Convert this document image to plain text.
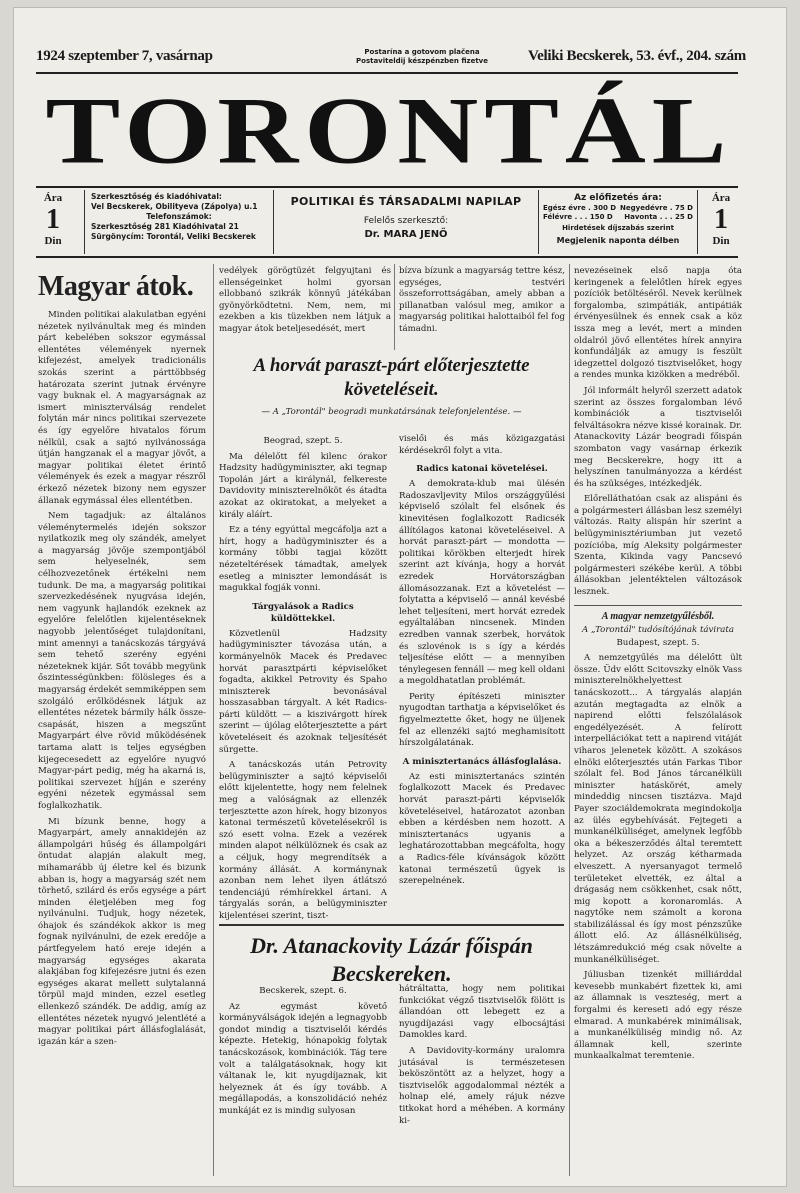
1924 szeptember 7, vasárnap	Postarína a gotovom plačena
Postaviteldij készpénzben fizetve	Veliki Becskerek, 53. évf., 204. szám
TORONTÁL
Ára
1
Din
Szerkesztőség és kiadóhivatal:
Vel Becskerek, Obilityeva (Zápolya) u.1
Telefonszámok:
Szerkesztőség 281 Kiadóhivatal 21
Sürgönycím: Torontál, Veliki Becskerek
POLITIKAI ÉS TÁRSADALMI NAPILAP
Felelős szerkesztő:
Dr. MARA JENŐ
Az előfizetés ára:
Egész évre . 300 D Negyedévre . 75 D
Félévre . . . 150 D Havonta . . . 25 D
Hirdetések díjszabás szerint
Megjelenik naponta délben
Ára
1
Din
Magyar átok.

Minden politikai alakulatban egyéni nézetek nyilvánultak meg és minden párt kebelében sokszor egymással ellentétes vélemények nyernek kifejezést, amelyek tradicionális szokás szerint a párttöbbség határozata szerint jutnak érvényre vagy buknak el. A magyarságnak az ismert miniszterválság rendelet folytán már nincs politikai szervezete és így egyelőre hivatalos fórum nélkül, csak a sajtó nyilvánossága útján hangzanak el a magyar jövőt, a magyar politikai életet érintő vélemények és ezek a magyar részről érkező nézetek bizony nem egyszer állanak egymással éles ellentétben.

Nem tagadjuk: az általános véleménytermelés idején sokszor nyilatkozik meg oly szándék, amelyet a magyarság jövője szempontjából sem helyeselnék, sem célhozvezetőnek értékelni nem tudunk. De ma, a magyarság politikai szervezkedésének nyugvása idején, nem vagyunk hajlandók ezeknek az egyelőre felelőtlen kijelentéseknek nagyobb jelentőséget tulajdonítani, mint amennyi a tanácskozás tárgyává sem tehető szerény egyéni nézeteknek kijár. Sőt tovább megyünk őszintességünkben: fölösleges és a magyarság érdekét semmiképpen sem szolgáló erőlködésnek látjuk az ellentétes nézetek bármily hálk össze-csapását, hiszen a megszűnt Magyarpárt élve rövid működésének tartama alatt is teljes egységben kijegecesedett az egyelőre nyugvó Magyar-párt pedig, még ha akarná is, politikai szervezet híjján e szerény egyéni nézetek egymással sem foglalkozhatik.

Mi bízunk benne, hogy a Magyarpárt, amely annakidején az állampolgári hűség és állampolgári öntudat alapján alakult meg, mihamarább új életre kel és bizunk abban is, hogy a magyarság szét nem törhető, szilárd és erős egysége a párt minden életjelében meg fog nyilvánulni. Tudjuk, hogy nézetek, óhajok és szándékok akkor is meg fognak nyilvánulni, de ezek eredője a pártfegyelem ható ereje idején a magyarság egységes akarata alakjában fog kifejezésre jutni és ezen egységes akarat mellett sulytalanná törpül majd minden, ezzel esetleg ellenkező szándék. De addig, amíg az ellentétes nézetek nyugvó jelentlété a magyar politikai párt állásfoglalását, igazán kár a szen-

vedélyek görögtüzét felgyujtani és ellenségeinket holmi gyorsan ellobbanó szikrák könnyű játékában gyönyörködtetni. Nem, nem, mi ezekben a kis tüzekben nem látjuk a magyar átok beteljesedését, mert

bízva bízunk a magyarság tettre kész, egységes, testvéri összeforrottságában, amely abban a pillanatban valósul meg, amikor a magyarság politikai halottaiból fel fog támadni.

A horvát paraszt-párt előterjesztette követeléseit.
— A „Torontál" beogradi munkatársának telefonjelentése. —
Beograd, szept. 5.

Ma délelőtt fél kilenc órakor Hadzsity hadügyminiszter, aki tegnap Topolán járt a királynál, felkereste Davidovity miniszterelnököt és átadta azokat az okiratokat, a melyeket a király aláírt.

Ez a tény egyúttal megcáfolja azt a hírt, hogy a hadügyminiszter és a kormány többi tagjai között nézeteltérések támadtak, amelyek esetleg a miniszter lemondását is magukkal fogják vonni.

Tárgyalások a Radics küldöttekkel.

Közvetlenül Hadzsity hadügyminiszter távozása után, a kormányelnök Macek és Predavec horvát parasztpárti képviselőket fogadta, akikkel Petrovity és Spaho miniszterek bevonásával hosszasabban tárgyalt. A két Radics-párti küldött — a kiszivárgott hírek szerint — újólag előterjesztette a párt követeléseit és azoknak teljesítését sürgette.

A tanácskozás után Petrovity belügyminiszter a sajtó képviselői előtt kijelentette, hogy nem felelnek meg a valóságnak az ellenzék terjesztette azon hírek, hogy bizonyos katonai természetű követelésekről is szó esett volna. Ezek a vezérek minden alapot nélkülöznek és csak az a céljuk, hogy megrendítsék a kormány állását. A kormánynak azonban nem lehet ilyen átlátszó tendenciájú rémhírekkel ártani. A tárgyalás során, a belügyminiszter kijelentései szerint, tiszt-

viselői és más közigazgatási kérdésekről folyt a vita.

Radics katonai követelései.

A demokrata-klub mai ülésén Radoszavljevity Milos országgyűlési képviselő szólalt fel elsőnek és kinevitésen foglalkozott Radicsék állítólagos katonai követeléseivel. A horvát paraszt-párt — mondotta — politikai körökben elterjedt hírek szerint azt kívánja, hogy a horvát ezredek Horvátországban állomásozzanak. Ezt a követelést — folytatta a képviselő — annál kevésbé lehet teljesíteni, mert horvát ezredek egyáltalában nincsenek. Minden ezredben vannak szerbek, horvátok és szlovénok is s így a kérdés teljesítése előtt — a mennyiben ténylegesen fennáll — meg kell oldani a megoldhatatlan problémát.

Perity építészeti miniszter nyugodtan tarthatja a képviselőket és figyelmeztette őket, hogy ne üljenek fel az ellenzéki sajtó meghamisított hírszolgálatának.

A minisztertanács állásfoglalása.

Az esti minisztertanács szintén foglalkozott Macek és Predavec horvát paraszt-párti képviselők követeléseivel, határozatot azonban ebben a kérdésben nem hozott. A minisztertanács ugyanis a leghatározottabban megcáfolta, hogy a Radics-féle kívánságok között katonai természetű ügyek is szerepelnének.

Dr. Atanackovity Lázár főispán Becskereken.
Becskerek, szept. 6.

Az egymást követő kormányválságok idején a legnagyobb gondot mindig a tisztviselői kérdés képezte. Hetekig, hónapokig folytak tanácskozások, kombinációk. Tág tere volt a találgatásoknak, hogy kit váltanak le, kit nyugdíjaznak, kit helyeznek át és így tovább. A megállapodás, a konszolidáció nehéz munkáját ez is mindig sulyosan

hátráltatta, hogy nem politikai funkciókat végző tisztviselők fölött is állandóan ott lebegett ez a nyugdíjazási vagy elbocsájtási Damokles kard.

A Davidovity-kormány uralomra jutásával is természetesen beköszöntött az a helyzet, hogy a tisztviselők aggodalommal nézték a holnap elé, amely rájuk nézve titkokat hord a méhében. A kormány ki-

nevezéseinek első napja óta keringenek a felelőtlen hírek egyes pozíciók betöltéséről. Nevek kerülnek forgalomba, szimpátiák, antipátiák érvényesülnek és ennek csak a köz issza meg a levét, mert a minden oldalról jövő ellentétes hírek annyira konfundálják az amugy is feszült idegzettel dolgozó tisztviselőket, hogy a rendes munka kizökken a medréből.

Jól informált helyről szerzett adatok szerint az összes forgalomban lévő kombinációk a tisztviselői felváltásokra nézve kissé korainak. Dr. Atanackovity Lázár beogradi főispán szombaton vagy vasárnap érkezik meg Becskerekre, hogy itt a helyszínen tanulmányozza a kérdést és ha szükséges, intézkedjék.

Előrelláthatóan csak az alispáni és a polgármesteri állásban lesz személyi változás. Raity alispán hír szerint a belügyminisztériumban jut vezető pozícióba, míg Aleksity polgármester Szenta, Kikinda vagy Pancsevó polgármesteri székébe kerül. A többi állásokban jelentéktelen változások lesznek.

A magyar nemzetgyűlésből.
A „Torontál" tudósítójának távirata
Budapest, szept. 5.

A nemzetgyűlés ma délelőtt ült össze. Üdv előtt Scitovszky elnök Vass miniszterelnökhelyettest tanácskozott... A tárgyalás alapján azután megtagadta az elnök a napirend előtti felszólalások engedélyezését. A felírott interpellációkat tett a napirend vitáját viharos jelenetek között. A szokásos elnöki előterjesztés után Farkas Tibor szólalt fel. Bod János tárcanélküli miniszter hatáskörét, amely mindeddig nincsen tisztázva. Majd Payer szociáldemokrata megindokolja az ülés egybehívását. Fejtegeti a munkanélküliséget, amelynek legfőbb oka a békeszerződés által teremtett helyzet. Az ország kétharmada elveszett. A nyersanyagot termelő területeket elvették, ez által a drágaság nem csökkenhet, csak nőtt, mig kopott a koronaromlás. A nagytőke nem számolt a korona stabilizálással és így most pénzszűke állott elő. Az állásnélküliség, létszámredukció még csak növelte a munkanélküliséget.

Júliusban tizenkét milliárddal kevesebb munkabért fizettek ki, ami az államnak is veszteség, mert a forgalmi és kereseti adó egy része elmarad. A munkabérek minimálisak, a munkanélküliség mindig nő. Az államnak kell, szerinte munkaalkalmat teremtenie.
